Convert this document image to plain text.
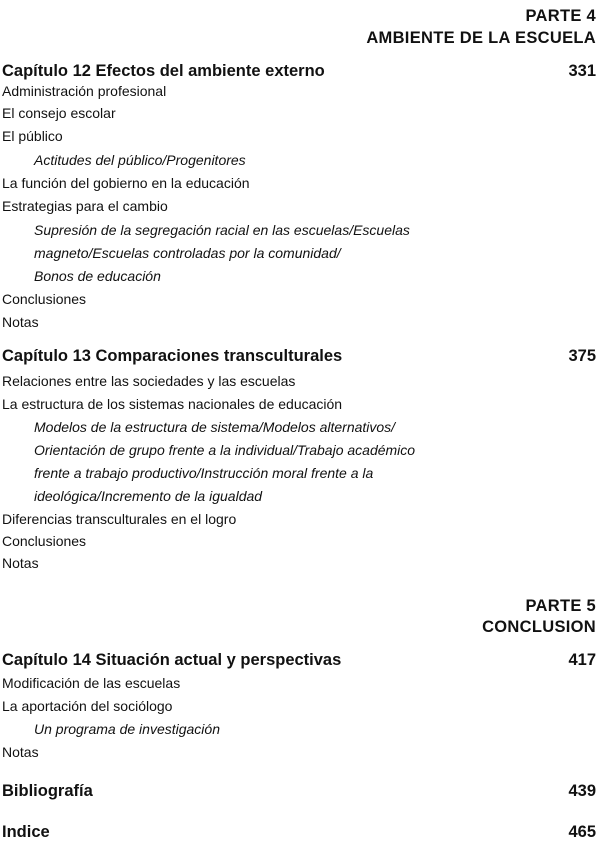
PARTE 4
AMBIENTE DE LA ESCUELA
Capítulo 12 Efectos del ambiente externo	331
Administración profesional
El consejo escolar
El público
Actitudes del público/Progenitores
La función del gobierno en la educación
Estrategias para el cambio
Supresión de la segregación racial en las escuelas/Escuelas
magneto/Escuelas controladas por la comunidad/
Bonos de educación
Conclusiones
Notas
Capítulo 13 Comparaciones transculturales	375
Relaciones entre las sociedades y las escuelas
La estructura de los sistemas nacionales de educación
Modelos de la estructura de sistema/Modelos alternativos/
Orientación de grupo frente a la individual/Trabajo académico
frente a trabajo productivo/Instrucción moral frente a la
ideológica/Incremento de la igualdad
Diferencias transculturales en el logro
Conclusiones
Notas
PARTE 5
CONCLUSION
Capítulo 14 Situación actual y perspectivas	417
Modificación de las escuelas
La aportación del sociólogo
Un programa de investigación
Notas
Bibliografía	439
Indice	465
